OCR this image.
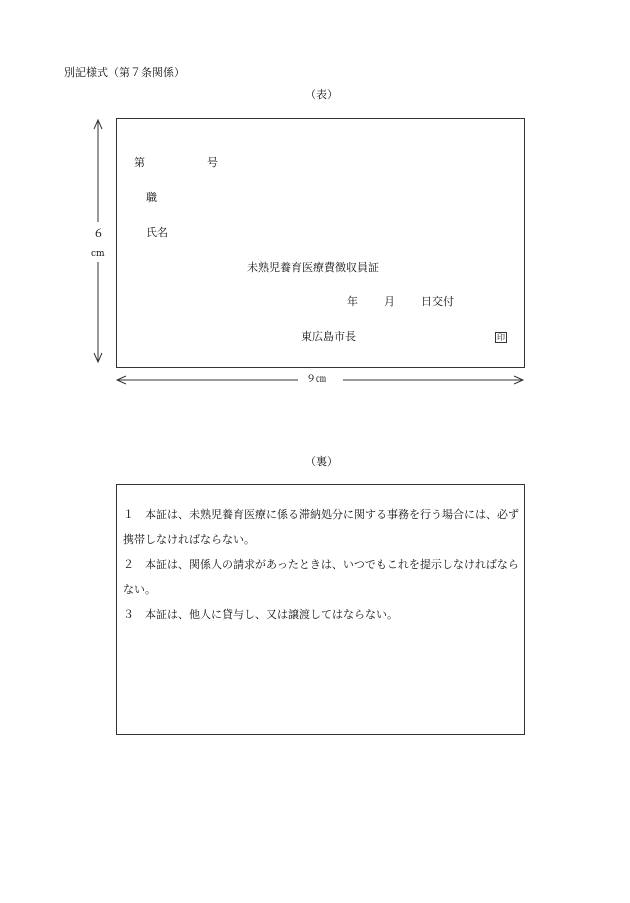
別記様式（第７条関係）
（表）
６
cm
９㎝
第	号
職
氏名
未熟児養育医療費徴収員証
年 月 日交付
東広島市長	印
（裏）
１ 本証は、未熟児養育医療に係る滞納処分に関する事務を行う場合には、必ず携帯しなければならない。
２ 本証は、関係人の請求があったときは、いつでもこれを提示しなければならない。
３ 本証は、他人に貸与し、又は譲渡してはならない。
